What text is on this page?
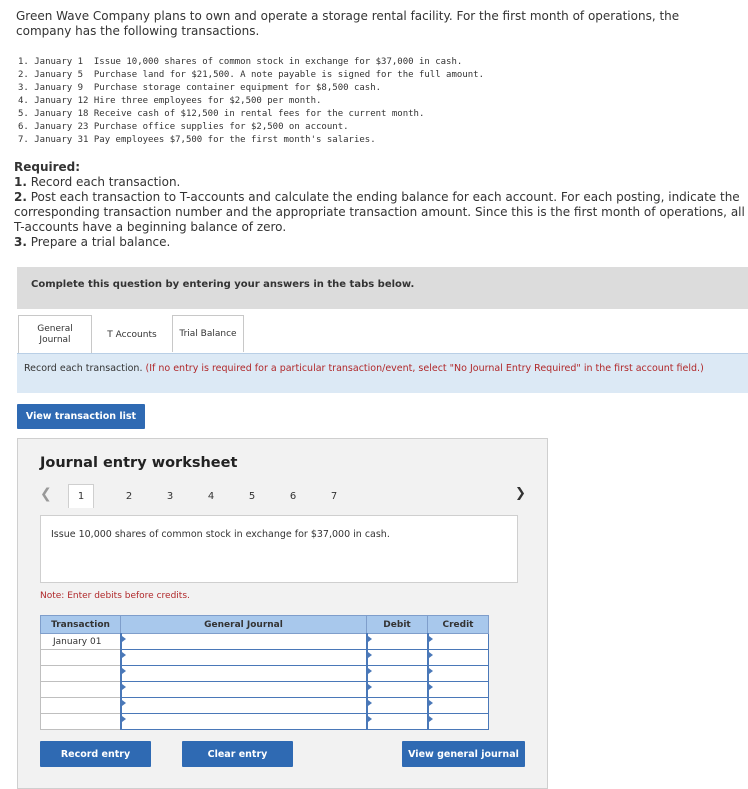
Green Wave Company plans to own and operate a storage rental facility. For the first month of operations, the company has the following transactions.
1. January 1  Issue 10,000 shares of common stock in exchange for $37,000 in cash.
2. January 5  Purchase land for $21,500. A note payable is signed for the full amount.
3. January 9  Purchase storage container equipment for $8,500 cash.
4. January 12 Hire three employees for $2,500 per month.
5. January 18 Receive cash of $12,500 in rental fees for the current month.
6. January 23 Purchase office supplies for $2,500 on account.
7. January 31 Pay employees $7,500 for the first month's salaries.
Required:
1. Record each transaction.
2. Post each transaction to T-accounts and calculate the ending balance for each account. For each posting, indicate the corresponding transaction number and the appropriate transaction amount. Since this is the first month of operations, all T-accounts have a beginning balance of zero.
3. Prepare a trial balance.
Complete this question by entering your answers in the tabs below.
General Journal
T Accounts	Trial Balance

Record each transaction. (If no entry is required for a particular transaction/event, select "No Journal Entry Required" in the first account field.)

View transaction list
Journal entry worksheet
❮	1	2	3	4	5	6	7	❯

Issue 10,000 shares of common stock in exchange for $37,000 in cash.

Note: Enter debits before credits.
Transaction	General Journal	Debit	Credit
January 01			

Record entry	Clear entry	View general journal
